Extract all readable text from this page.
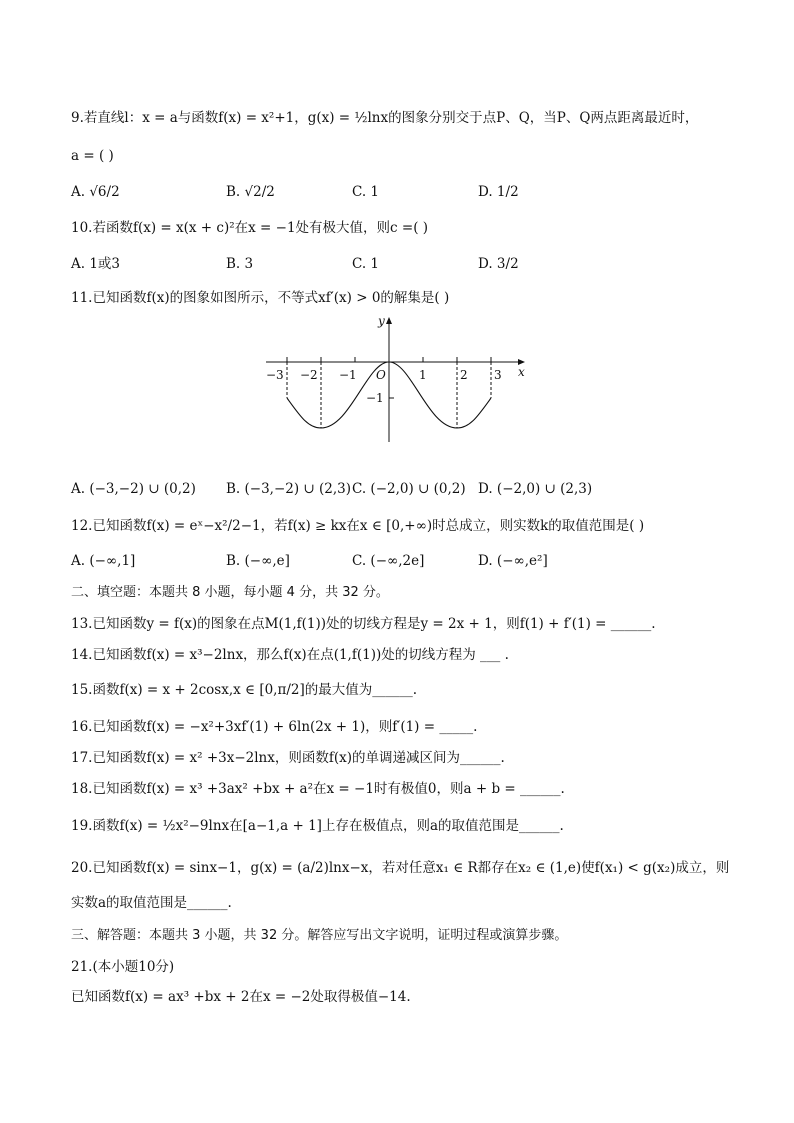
9.若直线l：x = a与函数f(x) = x²+1，g(x) = ½lnx的图象分别交于点P、Q，当P、Q两点距离最近时，
a = ( )
A. √6/2	B. √2/2	C. 1	D. 1/2
10.若函数f(x) = x(x + c)²在x = −1处有极大值，则c =( )
A. 1或3	B. 3	C. 1	D. 3/2
11.已知函数f(x)的图象如图所示，不等式xf′(x) > 0的解集是( )
y
x
O
−3 −2 −1	1	2 3
−1
A. (−3,−2) ∪ (0,2) B. (−3,−2) ∪ (2,3) C. (−2,0) ∪ (0,2) D. (−2,0) ∪ (2,3)
12.已知函数f(x) = eˣ−x²/2−1，若f(x) ≥ kx在x ∈ [0,+∞)时总成立，则实数k的取值范围是( )
A. (−∞,1]	B. (−∞,e]	C. (−∞,2e]	D. (−∞,e²]
二、填空题：本题共 8 小题，每小题 4 分，共 32 分。
13.已知函数y = f(x)的图象在点M(1,f(1))处的切线方程是y = 2x + 1，则f(1) + f′(1) = ______.
14.已知函数f(x) = x³−2lnx，那么f(x)在点(1,f(1))处的切线方程为 ___ .
15.函数f(x) = x + 2cosx,x ∈ [0,π/2]的最大值为______.
16.已知函数f(x) = −x²+3xf′(1) + 6ln(2x + 1)，则f′(1) = _____.
17.已知函数f(x) = x² +3x−2lnx，则函数f(x)的单调递减区间为______.
18.已知函数f(x) = x³ +3ax² +bx + a²在x = −1时有极值0，则a + b = ______.
19.函数f(x) = ½x²−9lnx在[a−1,a + 1]上存在极值点，则a的取值范围是______.
20.已知函数f(x) = sinx−1，g(x) = (a/2)lnx−x，若对任意x₁ ∈ R都存在x₂ ∈ (1,e)使f(x₁) < g(x₂)成立，则
实数a的取值范围是______.
三、解答题：本题共 3 小题，共 32 分。解答应写出文字说明，证明过程或演算步骤。
21.(本小题10分)
已知函数f(x) = ax³ +bx + 2在x = −2处取得极值−14.
